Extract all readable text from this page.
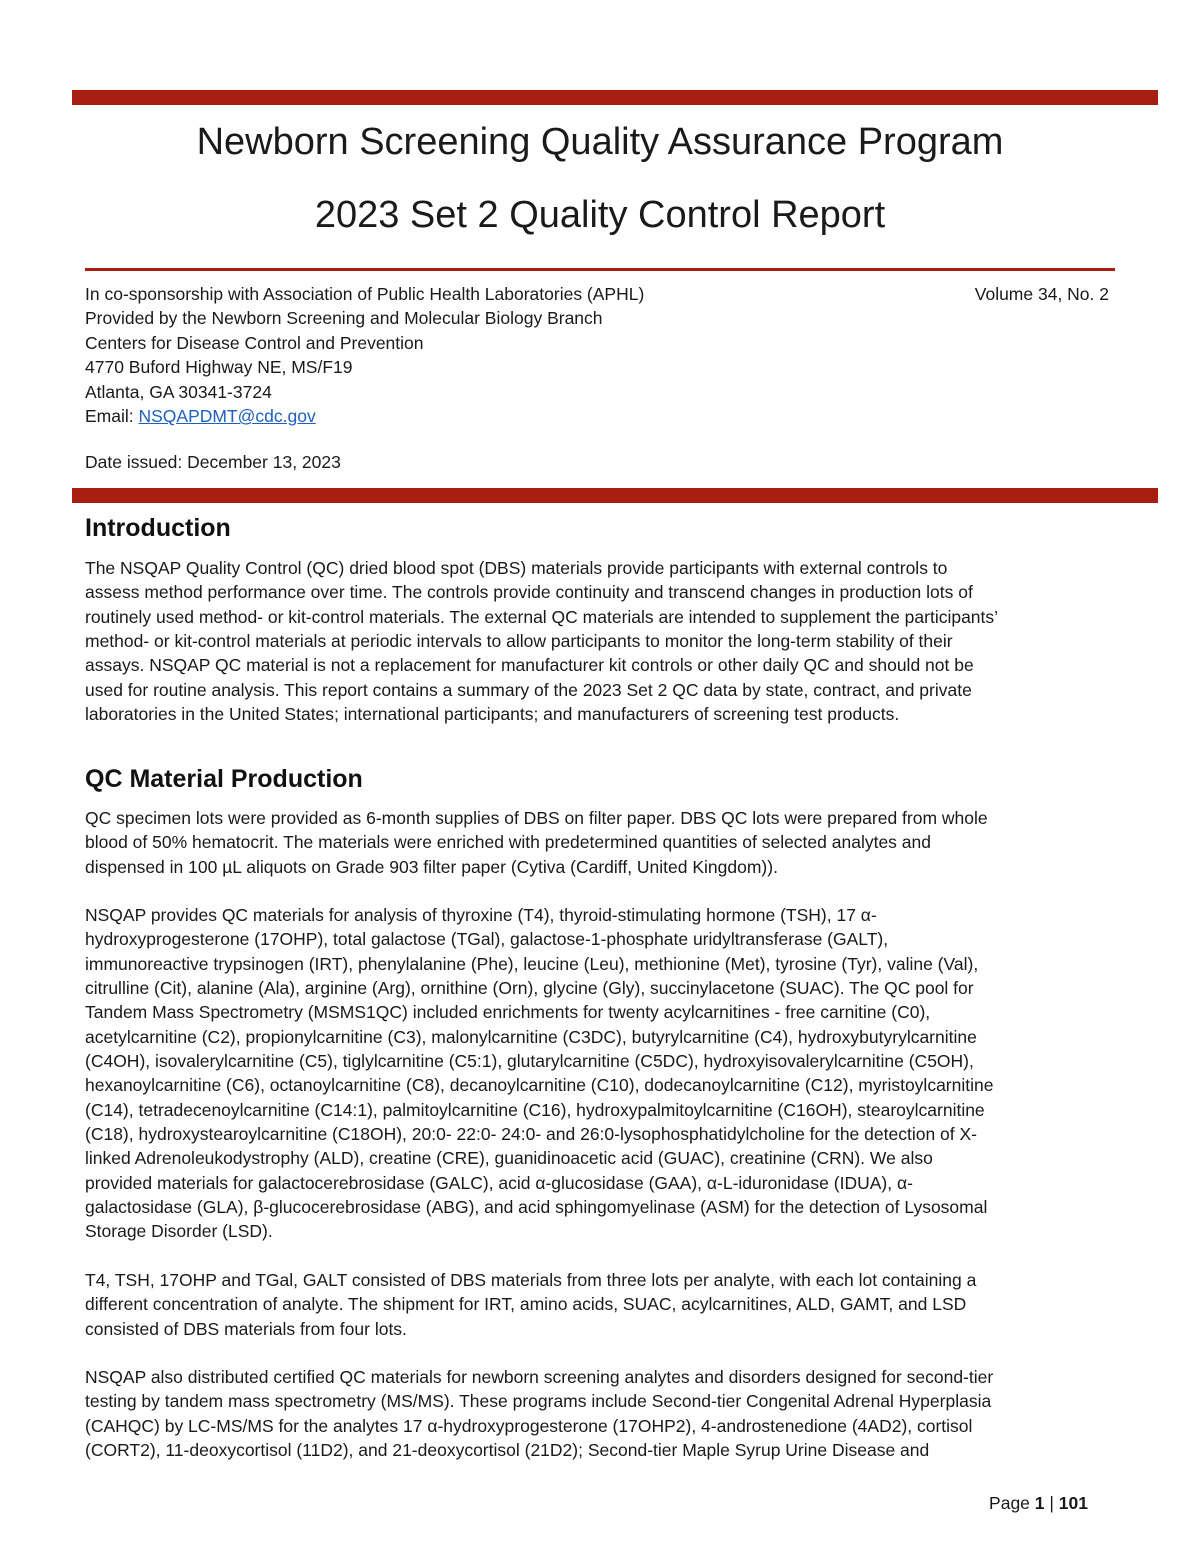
Newborn Screening Quality Assurance Program
2023 Set 2 Quality Control Report
In co-sponsorship with Association of Public Health Laboratories (APHL)
Provided by the Newborn Screening and Molecular Biology Branch
Centers for Disease Control and Prevention
4770 Buford Highway NE, MS/F19
Atlanta, GA 30341-3724
Email: NSQAPDMT@cdc.gov
Volume 34, No. 2
Date issued: December 13, 2023
Introduction
The NSQAP Quality Control (QC) dried blood spot (DBS) materials provide participants with external controls to
assess method performance over time. The controls provide continuity and transcend changes in production lots of
routinely used method- or kit-control materials. The external QC materials are intended to supplement the participants’
method- or kit-control materials at periodic intervals to allow participants to monitor the long-term stability of their
assays. NSQAP QC material is not a replacement for manufacturer kit controls or other daily QC and should not be
used for routine analysis. This report contains a summary of the 2023 Set 2 QC data by state, contract, and private
laboratories in the United States; international participants; and manufacturers of screening test products.
QC Material Production
QC specimen lots were provided as 6-month supplies of DBS on filter paper. DBS QC lots were prepared from whole
blood of 50% hematocrit. The materials were enriched with predetermined quantities of selected analytes and
dispensed in 100 µL aliquots on Grade 903 filter paper (Cytiva (Cardiff, United Kingdom)).
NSQAP provides QC materials for analysis of thyroxine (T4), thyroid-stimulating hormone (TSH), 17 α-
hydroxyprogesterone (17OHP), total galactose (TGal), galactose-1-phosphate uridyltransferase (GALT),
immunoreactive trypsinogen (IRT), phenylalanine (Phe), leucine (Leu), methionine (Met), tyrosine (Tyr), valine (Val),
citrulline (Cit), alanine (Ala), arginine (Arg), ornithine (Orn), glycine (Gly), succinylacetone (SUAC). The QC pool for
Tandem Mass Spectrometry (MSMS1QC) included enrichments for twenty acylcarnitines - free carnitine (C0),
acetylcarnitine (C2), propionylcarnitine (C3), malonylcarnitine (C3DC), butyrylcarnitine (C4), hydroxybutyrylcarnitine
(C4OH), isovalerylcarnitine (C5), tiglylcarnitine (C5:1), glutarylcarnitine (C5DC), hydroxyisovalerylcarnitine (C5OH),
hexanoylcarnitine (C6), octanoylcarnitine (C8), decanoylcarnitine (C10), dodecanoylcarnitine (C12), myristoylcarnitine
(C14), tetradecenoylcarnitine (C14:1), palmitoylcarnitine (C16), hydroxypalmitoylcarnitine (C16OH), stearoylcarnitine
(C18), hydroxystearoylcarnitine (C18OH), 20:0- 22:0- 24:0- and 26:0-lysophosphatidylcholine for the detection of X-
linked Adrenoleukodystrophy (ALD), creatine (CRE), guanidinoacetic acid (GUAC), creatinine (CRN). We also
provided materials for galactocerebrosidase (GALC), acid α-glucosidase (GAA), α-L-iduronidase (IDUA), α-
galactosidase (GLA), β-glucocerebrosidase (ABG), and acid sphingomyelinase (ASM) for the detection of Lysosomal
Storage Disorder (LSD).
T4, TSH, 17OHP and TGal, GALT consisted of DBS materials from three lots per analyte, with each lot containing a
different concentration of analyte. The shipment for IRT, amino acids, SUAC, acylcarnitines, ALD, GAMT, and LSD
consisted of DBS materials from four lots.
NSQAP also distributed certified QC materials for newborn screening analytes and disorders designed for second-tier
testing by tandem mass spectrometry (MS/MS). These programs include Second-tier Congenital Adrenal Hyperplasia
(CAHQC) by LC-MS/MS for the analytes 17 α-hydroxyprogesterone (17OHP2), 4-androstenedione (4AD2), cortisol
(CORT2), 11-deoxycortisol (11D2), and 21-deoxycortisol (21D2); Second-tier Maple Syrup Urine Disease and
Page 1 | 101
